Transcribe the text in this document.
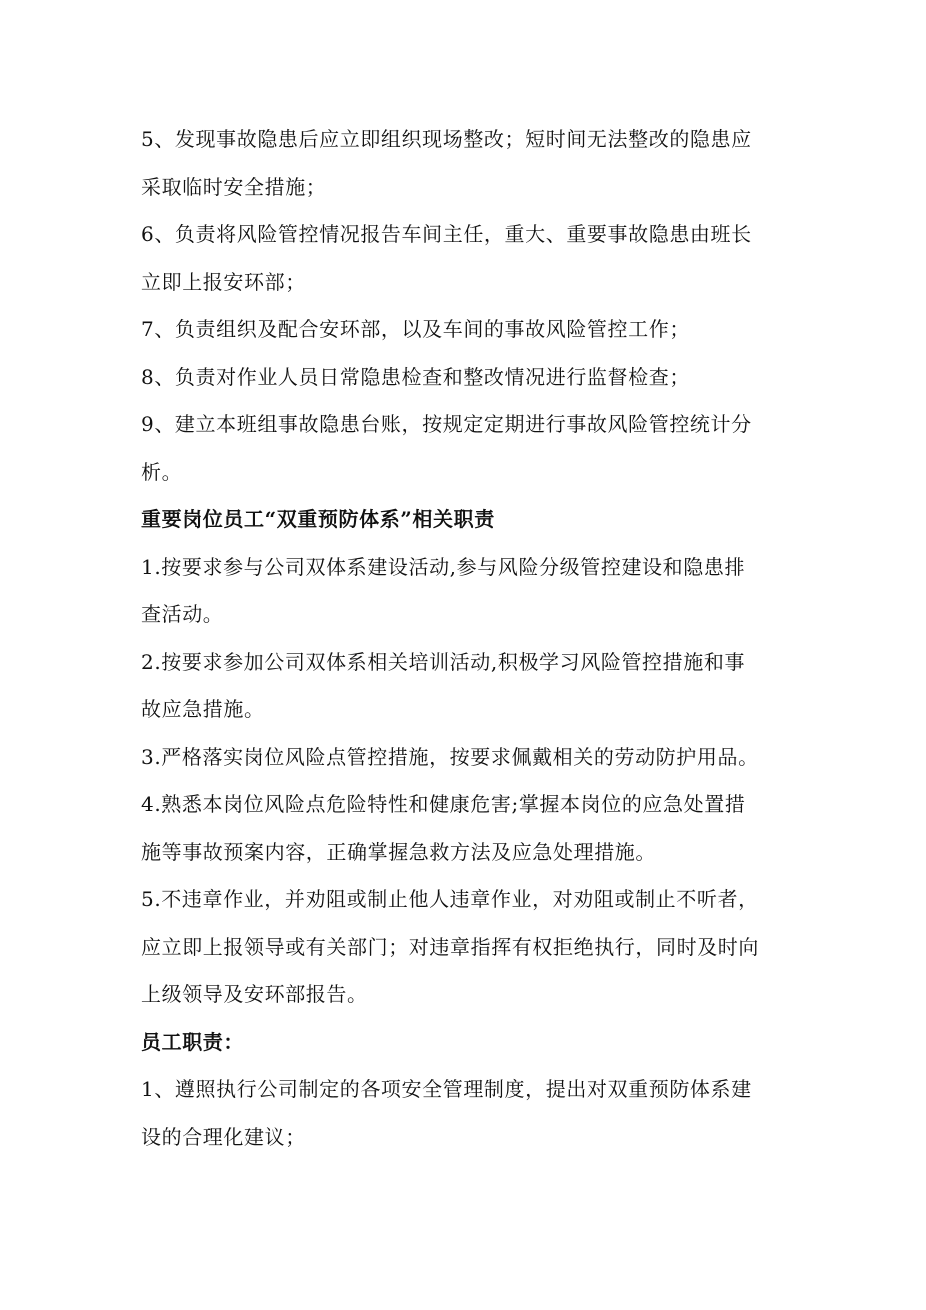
5、发现事故隐患后应立即组织现场整改；短时间无法整改的隐患应
采取临时安全措施；
6、负责将风险管控情况报告车间主任，重大、重要事故隐患由班长
立即上报安环部；
7、负责组织及配合安环部，以及车间的事故风险管控工作；
8、负责对作业人员日常隐患检查和整改情况进行监督检查；
9、建立本班组事故隐患台账，按规定定期进行事故风险管控统计分
析。
重要岗位员工“双重预防体系”相关职责
1.按要求参与公司双体系建设活动,参与风险分级管控建设和隐患排
查活动。
2.按要求参加公司双体系相关培训活动,积极学习风险管控措施和事
故应急措施。
3.严格落实岗位风险点管控措施，按要求佩戴相关的劳动防护用品。
4.熟悉本岗位风险点危险特性和健康危害;掌握本岗位的应急处置措
施等事故预案内容，正确掌握急救方法及应急处理措施。
5.不违章作业，并劝阻或制止他人违章作业，对劝阻或制止不听者，
应立即上报领导或有关部门；对违章指挥有权拒绝执行，同时及时向
上级领导及安环部报告。
员工职责：
1、遵照执行公司制定的各项安全管理制度，提出对双重预防体系建
设的合理化建议；
